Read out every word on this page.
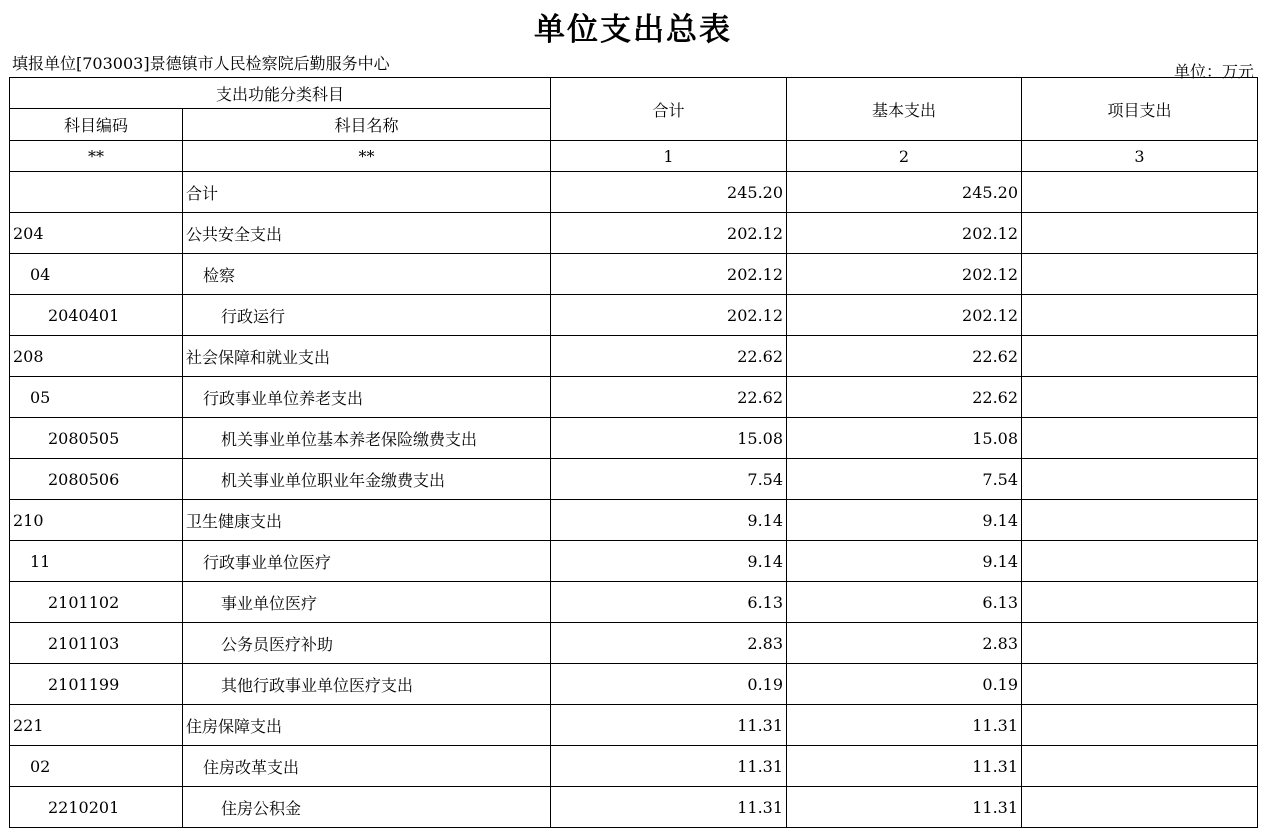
单位支出总表
填报单位[703003]景德镇市人民检察院后勤服务中心	单位：万元
支出功能分类科目		合计	基本支出	项目支出
科目编码	科目名称			
**	**	1	2	3
	合计	245.20	245.20	
204	公共安全支出	202.12	202.12	
04	检察	202.12	202.12	
2040401	行政运行	202.12	202.12	
208	社会保障和就业支出	22.62	22.62	
05	行政事业单位养老支出	22.62	22.62	
2080505	机关事业单位基本养老保险缴费支出	15.08	15.08	
2080506	机关事业单位职业年金缴费支出	7.54	7.54	
210	卫生健康支出	9.14	9.14	
11	行政事业单位医疗	9.14	9.14	
2101102	事业单位医疗	6.13	6.13	
2101103	公务员医疗补助	2.83	2.83	
2101199	其他行政事业单位医疗支出	0.19	0.19	
221	住房保障支出	11.31	11.31	
02	住房改革支出	11.31	11.31	
2210201	住房公积金	11.31	11.31	
